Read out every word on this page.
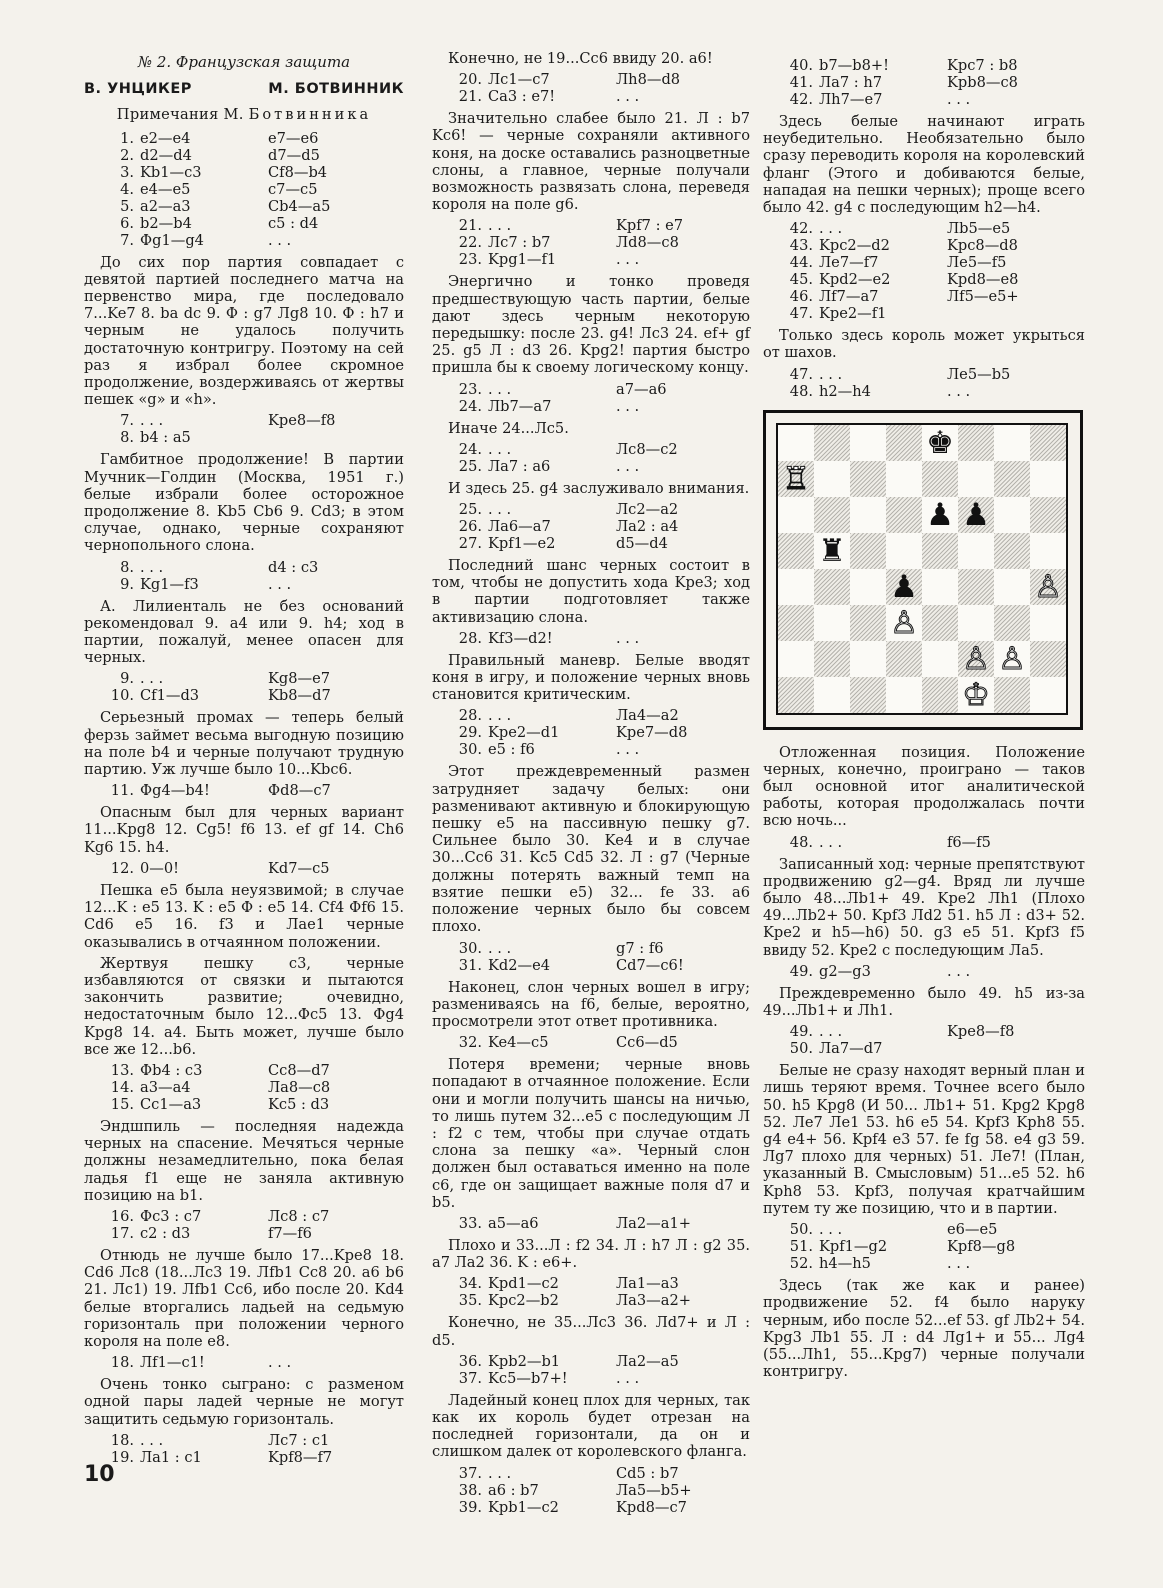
№ 2. Французская защита
В. УНЦИКЕР	М. БОТВИННИК
Примечания М. Ботвинника
1. e2—e4	e7—e6
2. d2—d4	d7—d5
3. Kb1—c3	Cf8—b4
4. e4—e5	c7—c5
5. a2—a3	Cb4—a5
6. b2—b4	c5 : d4
7. Фg1—g4	. . .

До сих пор партия совпадает с девятой партией последнего матча на первенство мира, где последовало 7...Ke7 8. ba dc 9. Ф : g7 Лg8 10. Ф : h7 и черным не удалось получить достаточную контригру. Поэтому на сей раз я избрал более скромное продолжение, воздерживаясь от жертвы пешек «g» и «h».

7. . . .	Kpe8—f8
8. b4 : a5

Гамбитное продолжение! В партии Мучник—Голдин (Москва, 1951 г.) белые избрали более осторожное продолжение 8. Kb5 Cb6 9. Cd3; в этом случае, однако, черные сохраняют чернопольного слона.

8. . . .	d4 : c3
9. Kg1—f3	. . .

А. Лилиенталь не без оснований рекомендовал 9. a4 или 9. h4; ход в партии, пожалуй, менее опасен для черных.

9. . . .	Kg8—e7
10. Cf1—d3	Kb8—d7

Серьезный промах — теперь белый ферзь займет весьма выгодную позицию на поле b4 и черные получают трудную партию. Уж лучше было 10...Kbc6.

11. Фg4—b4!	Фd8—c7

Опасным был для черных вариант 11...Kpg8 12. Cg5! f6 13. ef gf 14. Ch6 Kg6 15. h4.

12. 0—0!	Kd7—c5

Пешка e5 была неуязвимой; в случае 12...K : e5 13. K : e5 Ф : e5 14. Cf4 Фf6 15. Cd6 e5 16. f3 и Лae1 черные оказывались в отчаянном положении.

Жертвуя пешку c3, черные избавляются от связки и пытаются закончить развитие; очевидно, недостаточным было 12...Фc5 13. Фg4 Kpg8 14. a4. Быть может, лучше было все же 12...b6.

13. Фb4 : c3	Cc8—d7
14. a3—a4	Лa8—c8
15. Cc1—a3	Kc5 : d3

Эндшпиль — последняя надежда черных на спасение. Мечяться черные должны незамедлительно, пока белая ладья f1 еще не заняла активную позицию на b1.

16. Фc3 : c7	Лc8 : c7
17. c2 : d3	f7—f6

Отнюдь не лучше было 17...Kpe8 18. Cd6 Лc8 (18...Лc3 19. Лfb1 Cc8 20. a6 b6 21. Лc1) 19. Лfb1 Cc6, ибо после 20. Kd4 белые вторгались ладьей на седьмую горизонталь при положении черного короля на поле e8.

18. Лf1—c1!	. . .

Очень тонко сыграно: с разменом одной пары ладей черные не могут защитить седьмую горизонталь.

18. . . .	Лc7 : c1
19. Лa1 : c1	Kpf8—f7

Конечно, не 19...Cc6 ввиду 20. a6!

20. Лc1—c7	Лh8—d8
21. Ca3 : e7!	. . .

Значительно слабее было 21. Л : b7 Kc6! — черные сохраняли активного коня, на доске оставались разноцветные слоны, а главное, черные получали возможность развязать слона, переведя короля на поле g6.

21. . . .	Kpf7 : e7
22. Лc7 : b7	Лd8—c8
23. Kpg1—f1	. . .

Энергично и тонко проведя предшествующую часть партии, белые дают здесь черным некоторую передышку: после 23. g4! Лc3 24. ef+ gf 25. g5 Л : d3 26. Kpg2! партия быстро пришла бы к своему логическому концу.

23. . . .	a7—a6
24. Лb7—a7	. . .

Иначе 24...Лc5.

24. . . .	Лc8—c2
25. Лa7 : a6	. . .

И здесь 25. g4 заслуживало внимания.

25. . . .	Лc2—a2
26. Лa6—a7	Лa2 : a4
27. Kpf1—e2	d5—d4

Последний шанс черных состоит в том, чтобы не допустить хода Kpe3; ход в партии подготовляет также активизацию слона.

28. Kf3—d2!	. . .

Правильный маневр. Белые вводят коня в игру, и положение черных вновь становится критическим.

28. . . .	Лa4—a2
29. Kpe2—d1	Kpe7—d8
30. e5 : f6	. . .

Этот преждевременный размен затрудняет задачу белых: они разменивают активную и блокирующую пешку e5 на пассивную пешку g7. Сильнее было 30. Ke4 и в случае 30...Cc6 31. Kc5 Cd5 32. Л : g7 (Черные должны потерять важный темп на взятие пешки e5) 32... fe 33. a6 положение черных было бы совсем плохо.

30. . . .	g7 : f6
31. Kd2—e4	Cd7—c6!

Наконец, слон черных вошел в игру; размениваясь на f6, белые, вероятно, просмотрели этот ответ противника.

32. Ke4—c5	Cc6—d5

Потеря времени; черные вновь попадают в отчаянное положение. Если они и могли получить шансы на ничью, то лишь путем 32...e5 с последующим Л : f2 с тем, чтобы при случае отдать слона за пешку «a». Черный слон должен был оставаться именно на поле c6, где он защищает важные поля d7 и b5.

33. a5—a6	Лa2—a1+

Плохо и 33...Л : f2 34. Л : h7 Л : g2 35. a7 Лa2 36. K : e6+.

34. Kpd1—c2	Лa1—a3
35. Kpc2—b2	Лa3—a2+

Конечно, не 35...Лc3 36. Лd7+ и Л : d5.

36. Kpb2—b1	Лa2—a5
37. Kc5—b7+!	. . .

Ладейный конец плох для черных, так как их король будет отрезан на последней горизонтали, да он и слишком далек от королевского фланга.

37. . . .	Cd5 : b7
38. a6 : b7	Лa5—b5+
39. Kpb1—c2	Kpd8—c7
40. b7—b8+!	Kpc7 : b8
41. Лa7 : h7	Kpb8—c8
42. Лh7—e7	. . .

Здесь белые начинают играть неубедительно. Необязательно было сразу переводить короля на королевский фланг (Этого и добиваются белые, нападая на пешки черных); проще всего было 42. g4 с последующим h2—h4.

42. . . .	Лb5—e5
43. Kpc2—d2	Kpc8—d8
44. Лe7—f7	Лe5—f5
45. Kpd2—e2	Kpd8—e8
46. Лf7—a7	Лf5—e5+
47. Kpe2—f1

Только здесь король может укрыться от шахов.

47. . . .	Лe5—b5
48. h2—h4	. . .
♚
♖
♟ ♟
♜
♟	♙
♙
♙ ♙
♔

Отложенная позиция. Положение черных, конечно, проиграно — таков был основной итог аналитической работы, которая продолжалась почти всю ночь...

48. . . .	f6—f5

Записанный ход: черные препятствуют продвижению g2—g4. Вряд ли лучше было 48...Лb1+ 49. Kpe2 Лh1 (Плохо 49...Лb2+ 50. Kpf3 Лd2 51. h5 Л : d3+ 52. Kpe2 и h5—h6) 50. g3 e5 51. Kpf3 f5 ввиду 52. Kpe2 с последующим Лa5.

49. g2—g3	. . .

Преждевременно было 49. h5 из-за 49...Лb1+ и Лh1.

49. . . .	Kpe8—f8
50. Лa7—d7

Белые не сразу находят верный план и лишь теряют время. Точнее всего было 50. h5 Kpg8 (И 50... Лb1+ 51. Kpg2 Kpg8 52. Лe7 Лe1 53. h6 e5 54. Kpf3 Kph8 55. g4 e4+ 56. Kpf4 e3 57. fe fg 58. e4 g3 59. Лg7 плохо для черных) 51. Лe7! (План, указанный В. Смысловым) 51...e5 52. h6 Kph8 53. Kpf3, получая кратчайшим путем ту же позицию, что и в партии.

50. . . .	e6—e5
51. Kpf1—g2	Kpf8—g8
52. h4—h5	. . .

Здесь (так же как и ранее) продвижение 52. f4 было наруку черным, ибо после 52...ef 53. gf Лb2+ 54. Kpg3 Лb1 55. Л : d4 Лg1+ и 55... Лg4 (55...Лh1, 55...Kpg7) черные получали контригру.

10
